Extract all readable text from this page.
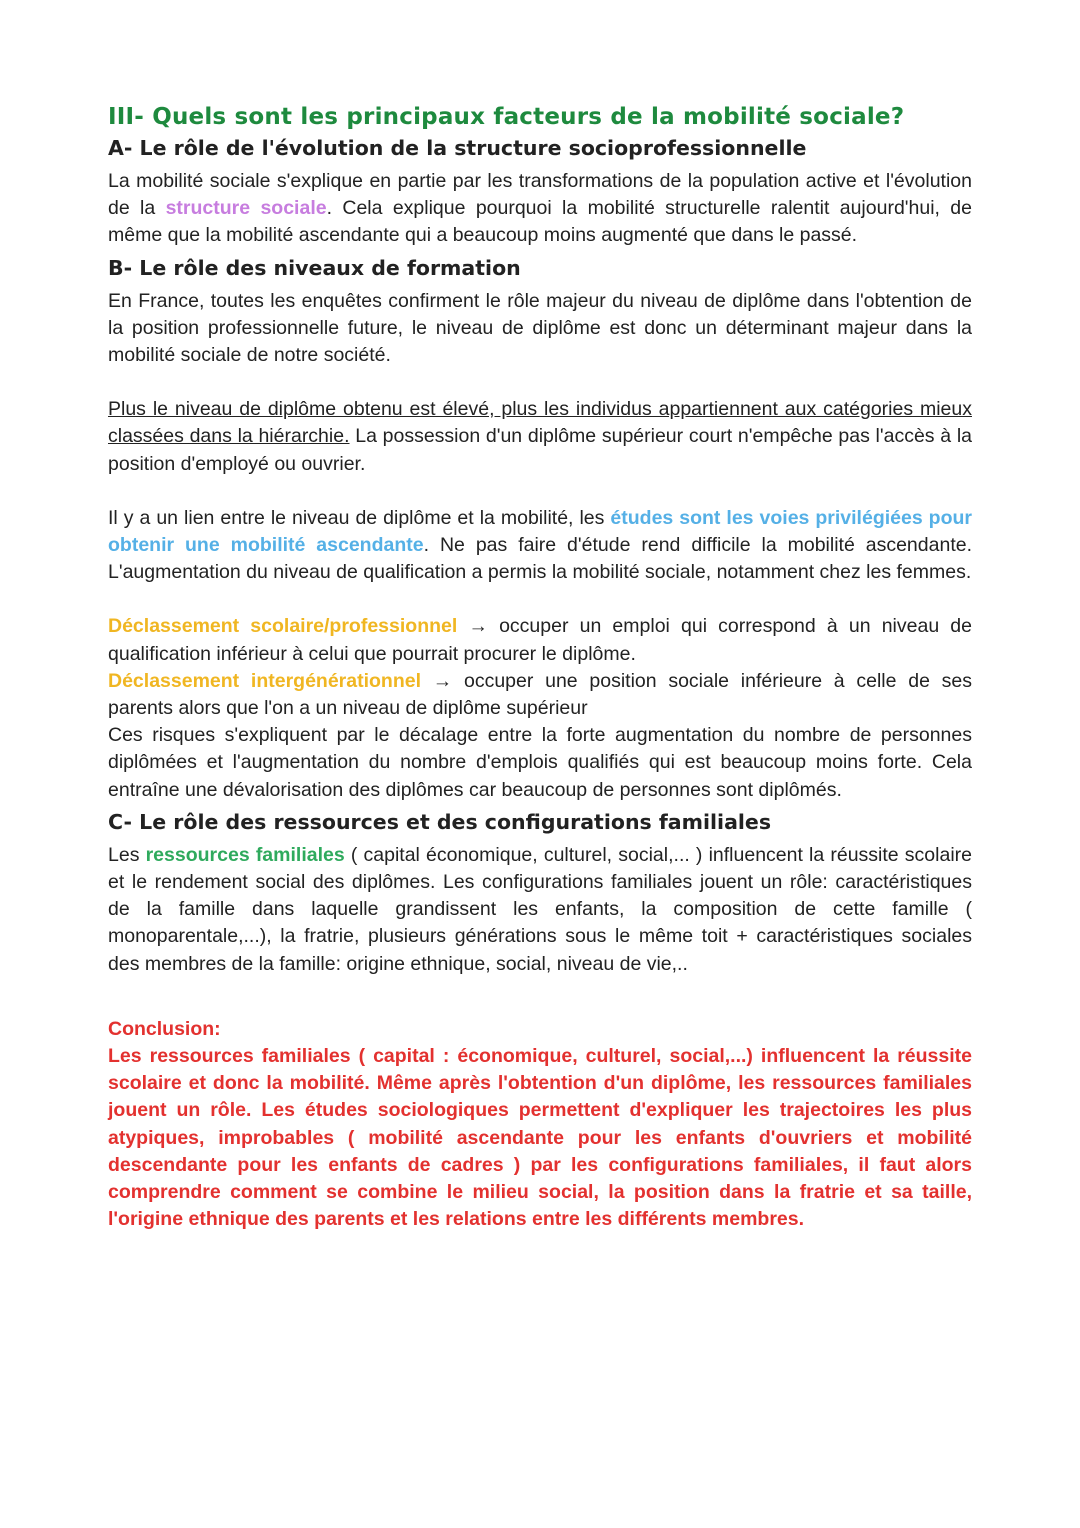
III- Quels sont les principaux facteurs de la mobilité sociale?
A- Le rôle de l'évolution de la structure socioprofessionnelle

La mobilité sociale s'explique en partie par les transformations de la population active et l'évolution de la structure sociale. Cela explique pourquoi la mobilité structurelle ralentit aujourd'hui, de même que la mobilité ascendante qui a beaucoup moins augmenté que dans le passé.

B- Le rôle des niveaux de formation

En France, toutes les enquêtes confirment le rôle majeur du niveau de diplôme dans l'obtention de la position professionnelle future, le niveau de diplôme est donc un déterminant majeur dans la mobilité sociale de notre société.

Plus le niveau de diplôme obtenu est élevé, plus les individus appartiennent aux catégories mieux classées dans la hiérarchie. La possession d'un diplôme supérieur court n'empêche pas l'accès à la position d'employé ou ouvrier.

Il y a un lien entre le niveau de diplôme et la mobilité, les études sont les voies privilégiées pour obtenir une mobilité ascendante. Ne pas faire d'étude rend difficile la mobilité ascendante. L'augmentation du niveau de qualification a permis la mobilité sociale, notamment chez les femmes.

Déclassement scolaire/professionnel → occuper un emploi qui correspond à un niveau de qualification inférieur à celui que pourrait procurer le diplôme.

Déclassement intergénérationnel → occuper une position sociale inférieure à celle de ses parents alors que l'on a un niveau de diplôme supérieur

Ces risques s'expliquent par le décalage entre la forte augmentation du nombre de personnes diplômées et l'augmentation du nombre d'emplois qualifiés qui est beaucoup moins forte. Cela entraîne une dévalorisation des diplômes car beaucoup de personnes sont diplômés.

C- Le rôle des ressources et des configurations familiales

Les ressources familiales ( capital économique, culturel, social,... ) influencent la réussite scolaire et le rendement social des diplômes. Les configurations familiales jouent un rôle: caractéristiques de la famille dans laquelle grandissent les enfants, la composition de cette famille ( monoparentale,...), la fratrie, plusieurs générations sous le même toit + caractéristiques sociales des membres de la famille: origine ethnique, social, niveau de vie,..

Conclusion:

Les ressources familiales ( capital : économique, culturel, social,...) influencent la réussite scolaire et donc la mobilité. Même après l'obtention d'un diplôme, les ressources familiales jouent un rôle. Les études sociologiques permettent d'expliquer les trajectoires les plus atypiques, improbables ( mobilité ascendante pour les enfants d'ouvriers et mobilité descendante pour les enfants de cadres ) par les configurations familiales, il faut alors comprendre comment se combine le milieu social, la position dans la fratrie et sa taille, l'origine ethnique des parents et les relations entre les différents membres.
